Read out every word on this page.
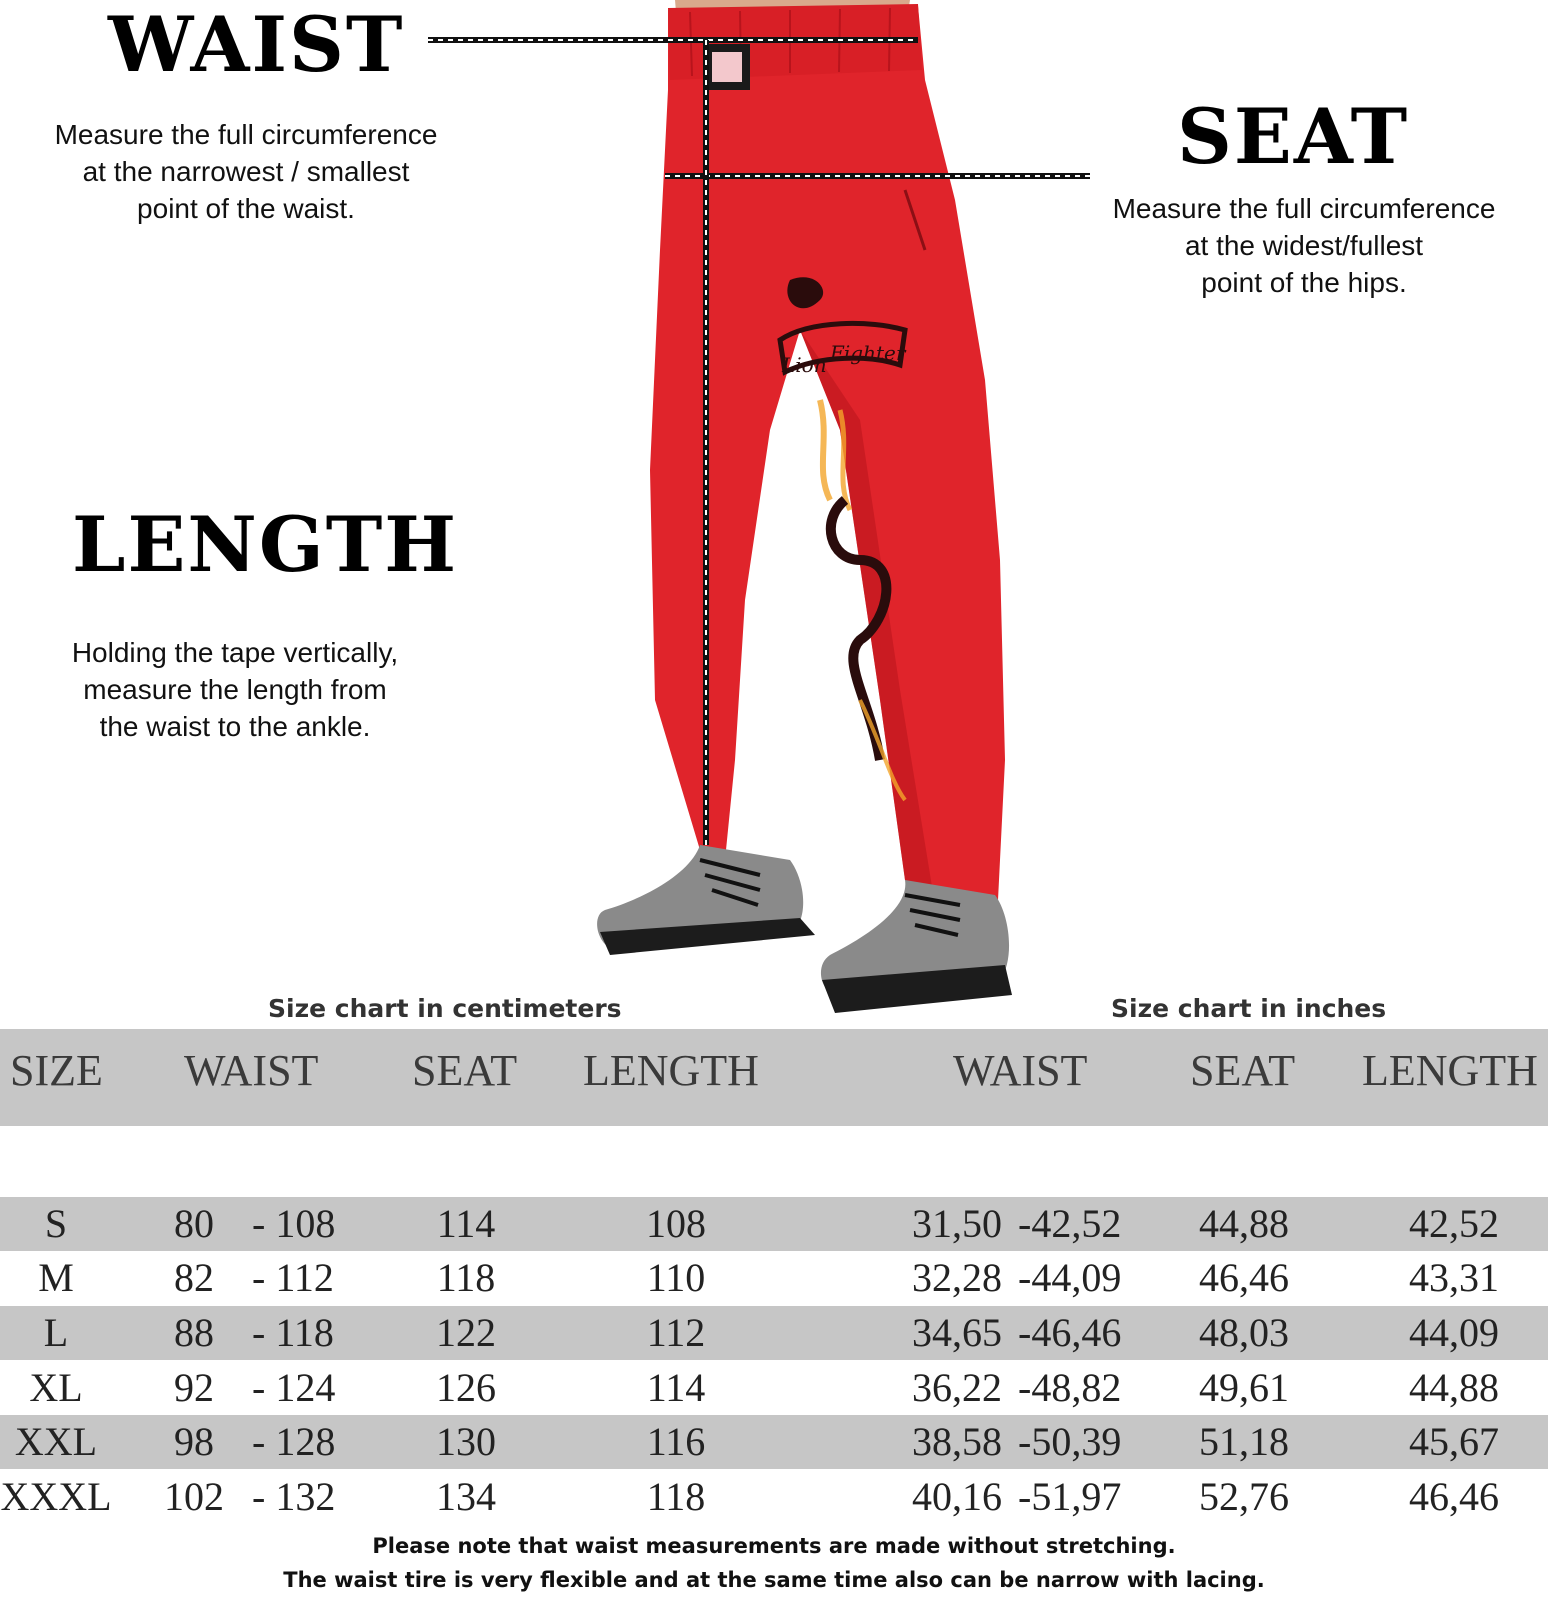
Lion Fighter
WAIST
Measure the full circumference
at the narrowest / smallest
point of the waist.
SEAT
Measure the full circumference
at the widest/fullest
point of the hips.
LENGTH
Holding the tape vertically,
measure the length from
the waist to the ankle.
Size chart in centimeters	Size chart in inches
SIZE WAIST SEAT LENGTH	WAIST SEAT LENGTH
S	80 - 108	114	108	31,50 -42,52 44,88	42,52
M	82 - 112	118	110	32,28 -44,09 46,46	43,31
L	88 - 118	122	112	34,65 -46,46 48,03	44,09
XL 92 - 124	126	114	36,22 -48,82 49,61	44,88
XXL 98 - 128	130	116	38,58 -50,39 51,18	45,67
XXXL 102 - 132	134	118	40,16 -51,97 52,76	46,46
Please note that waist measurements are made without stretching.
The waist tire is very flexible and at the same time also can be narrow with lacing.
